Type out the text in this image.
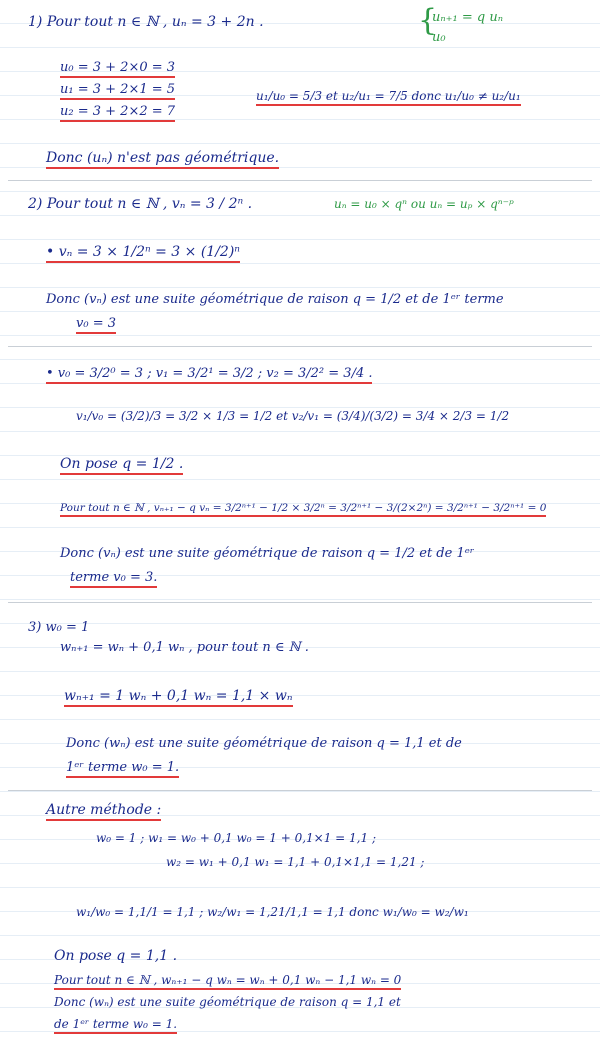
1) Pour tout n ∈ ℕ , uₙ = 3 + 2n .	{
uₙ₊₁ = q uₙ
u₀
u₀ = 3 + 2×0 = 3
u₁ = 3 + 2×1 = 5
u₂ = 3 + 2×2 = 7
u₁/u₀ = 5/3 et u₂/u₁ = 7/5 donc u₁/u₀ ≠ u₂/u₁
Donc (uₙ) n'est pas géométrique.
2) Pour tout n ∈ ℕ , vₙ = 3 / 2ⁿ .	uₙ = u₀ × qⁿ ou uₙ = uₚ × qⁿ⁻ᵖ
• vₙ = 3 × 1/2ⁿ = 3 × (1/2)ⁿ
Donc (vₙ) est une suite géométrique de raison q = 1/2 et de 1ᵉʳ terme
v₀ = 3
• v₀ = 3/2⁰ = 3 ; v₁ = 3/2¹ = 3/2 ; v₂ = 3/2² = 3/4 .
v₁/v₀ = (3/2)/3 = 3/2 × 1/3 = 1/2 et v₂/v₁ = (3/4)/(3/2) = 3/4 × 2/3 = 1/2
On pose q = 1/2 .
Pour tout n ∈ ℕ , vₙ₊₁ − q vₙ = 3/2ⁿ⁺¹ − 1/2 × 3/2ⁿ = 3/2ⁿ⁺¹ − 3/(2×2ⁿ) = 3/2ⁿ⁺¹ − 3/2ⁿ⁺¹ = 0
Donc (vₙ) est une suite géométrique de raison q = 1/2 et de 1ᵉʳ
terme v₀ = 3.
3) w₀ = 1
wₙ₊₁ = wₙ + 0,1 wₙ , pour tout n ∈ ℕ .
wₙ₊₁ = 1 wₙ + 0,1 wₙ = 1,1 × wₙ
Donc (wₙ) est une suite géométrique de raison q = 1,1 et de
1ᵉʳ terme w₀ = 1.
Autre méthode :
w₀ = 1 ; w₁ = w₀ + 0,1 w₀ = 1 + 0,1×1 = 1,1 ;
w₂ = w₁ + 0,1 w₁ = 1,1 + 0,1×1,1 = 1,21 ;
w₁/w₀ = 1,1/1 = 1,1 ; w₂/w₁ = 1,21/1,1 = 1,1 donc w₁/w₀ = w₂/w₁
On pose q = 1,1 .
Pour tout n ∈ ℕ , wₙ₊₁ − q wₙ = wₙ + 0,1 wₙ − 1,1 wₙ = 0
Donc (wₙ) est une suite géométrique de raison q = 1,1 et
de 1ᵉʳ terme w₀ = 1.
